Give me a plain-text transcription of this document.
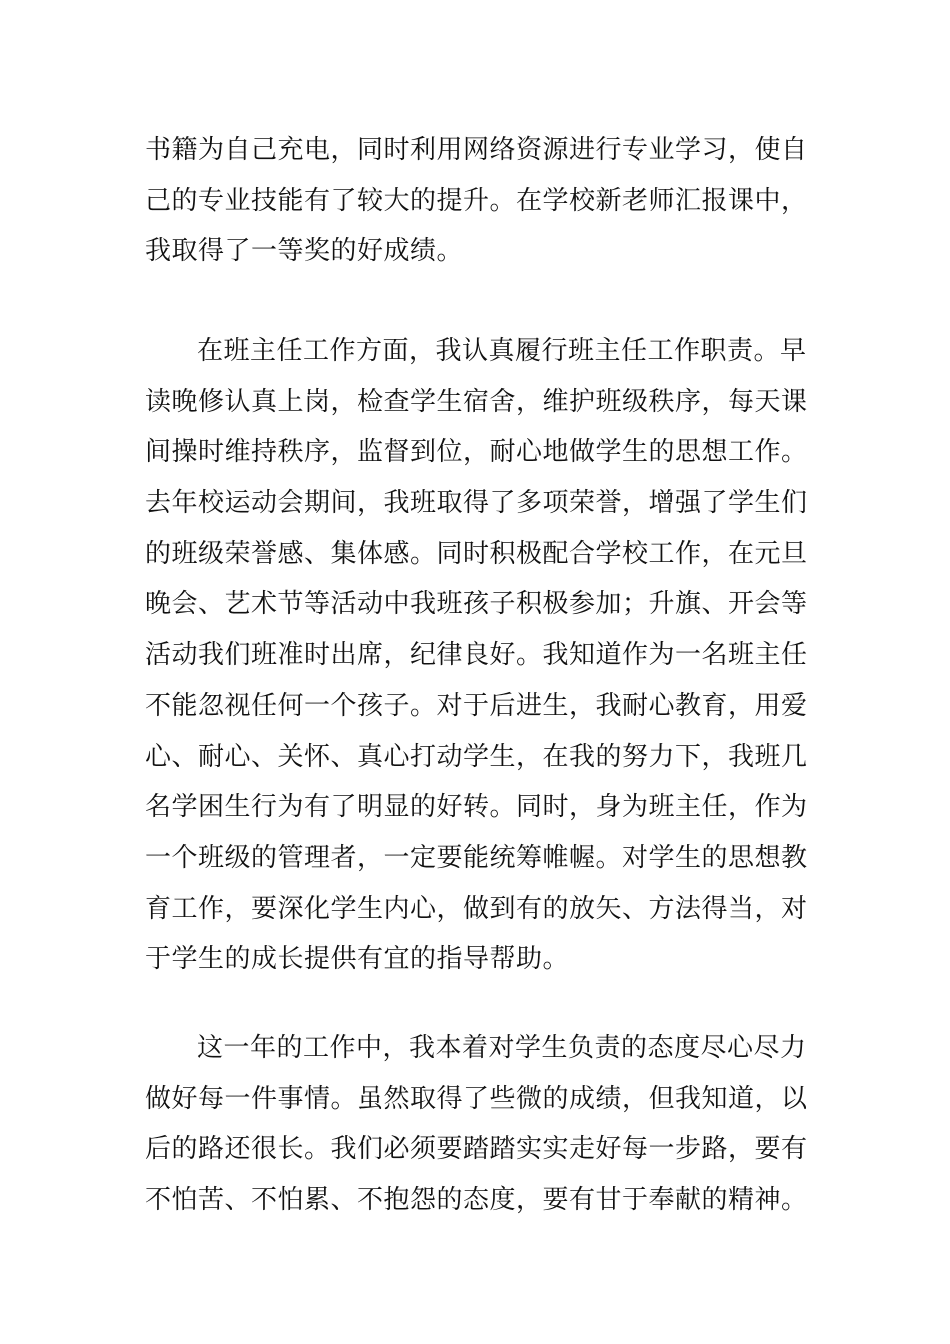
书籍为自己充电，同时利用网络资源进行专业学习，使自
己的专业技能有了较大的提升。在学校新老师汇报课中，
我取得了一等奖的好成绩。
在班主任工作方面，我认真履行班主任工作职责。早
读晚修认真上岗，检查学生宿舍，维护班级秩序，每天课
间操时维持秩序，监督到位，耐心地做学生的思想工作。
去年校运动会期间，我班取得了多项荣誉，增强了学生们
的班级荣誉感、集体感。同时积极配合学校工作，在元旦
晚会、艺术节等活动中我班孩子积极参加；升旗、开会等
活动我们班准时出席，纪律良好。我知道作为一名班主任
不能忽视任何一个孩子。对于后进生，我耐心教育，用爱
心、耐心、关怀、真心打动学生，在我的努力下，我班几
名学困生行为有了明显的好转。同时，身为班主任，作为
一个班级的管理者，一定要能统筹帷幄。对学生的思想教
育工作，要深化学生内心，做到有的放矢、方法得当，对
于学生的成长提供有宜的指导帮助。
这一年的工作中，我本着对学生负责的态度尽心尽力
做好每一件事情。虽然取得了些微的成绩，但我知道，以
后的路还很长。我们必须要踏踏实实走好每一步路，要有
不怕苦、不怕累、不抱怨的态度，要有甘于奉献的精神。
